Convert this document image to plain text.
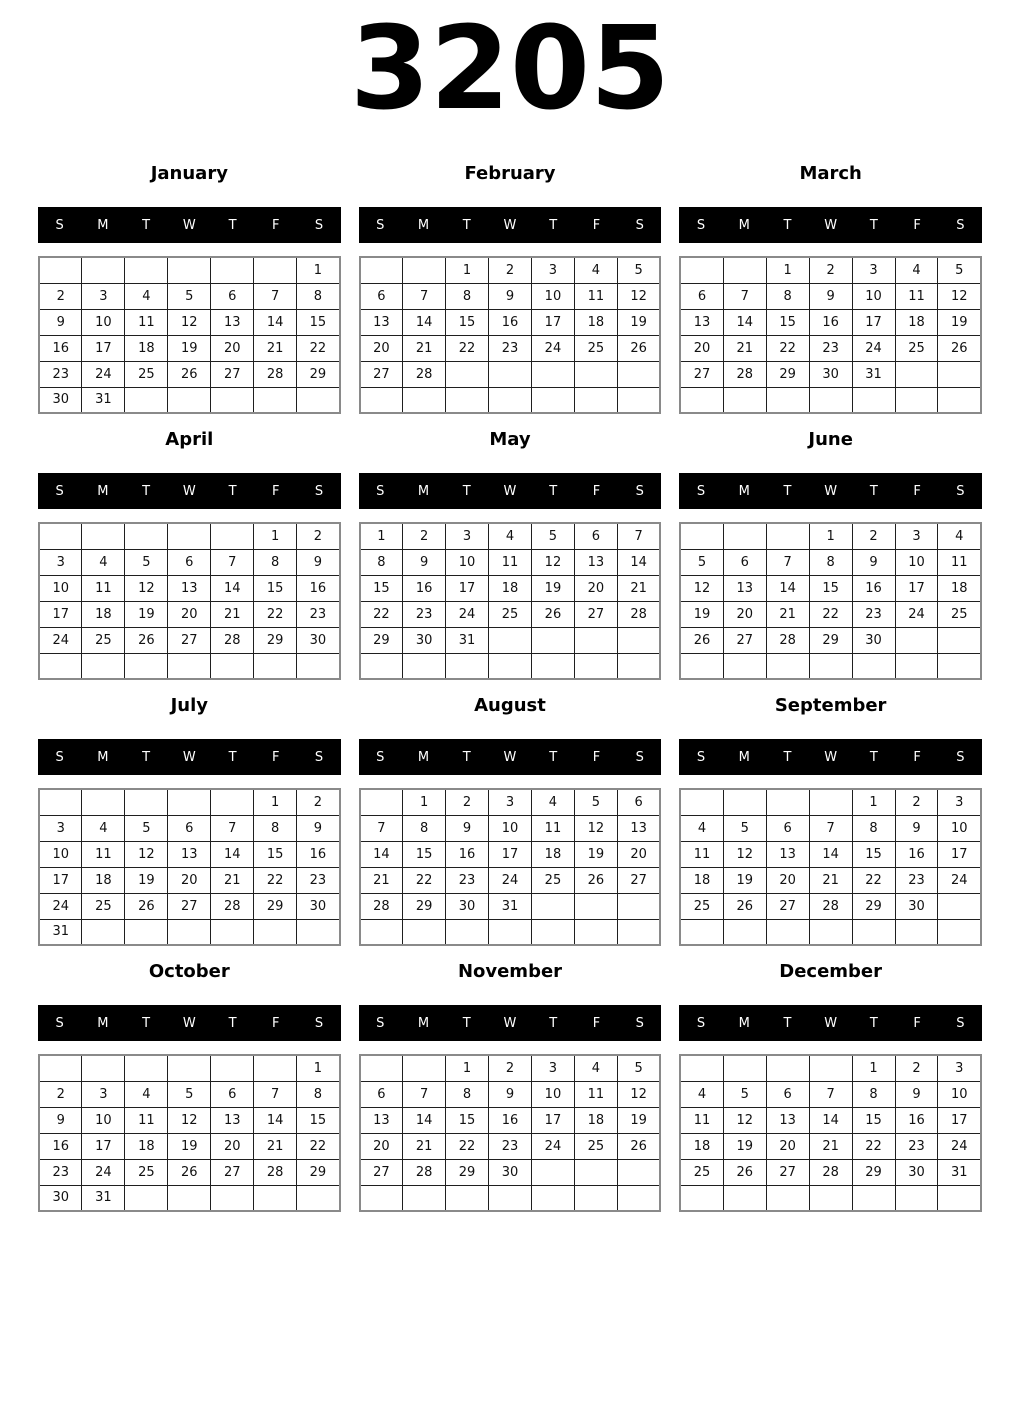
3205
January
S	M	T	W	T	F	S
						1
2	3	4	5	6	7	8
9	10	11	12	13	14	15
16	17	18	19	20	21	22
23	24	25	26	27	28	29
30	31					
February
S	M	T	W	T	F	S
		1	2	3	4	5
6	7	8	9	10	11	12
13	14	15	16	17	18	19
20	21	22	23	24	25	26
27	28					

March
S	M	T	W	T	F	S
		1	2	3	4	5
6	7	8	9	10	11	12
13	14	15	16	17	18	19
20	21	22	23	24	25	26
27	28	29	30	31		

April
S	M	T	W	T	F	S
					1	2
3	4	5	6	7	8	9
10	11	12	13	14	15	16
17	18	19	20	21	22	23
24	25	26	27	28	29	30

May
S	M	T	W	T	F	S
1	2	3	4	5	6	7
8	9	10	11	12	13	14
15	16	17	18	19	20	21
22	23	24	25	26	27	28
29	30	31				

June
S	M	T	W	T	F	S
			1	2	3	4
5	6	7	8	9	10	11
12	13	14	15	16	17	18
19	20	21	22	23	24	25
26	27	28	29	30		

July
S	M	T	W	T	F	S
					1	2
3	4	5	6	7	8	9
10	11	12	13	14	15	16
17	18	19	20	21	22	23
24	25	26	27	28	29	30
31						
August
S	M	T	W	T	F	S
	1	2	3	4	5	6
7	8	9	10	11	12	13
14	15	16	17	18	19	20
21	22	23	24	25	26	27
28	29	30	31			

September
S	M	T	W	T	F	S
				1	2	3
4	5	6	7	8	9	10
11	12	13	14	15	16	17
18	19	20	21	22	23	24
25	26	27	28	29	30	

October
S	M	T	W	T	F	S
						1
2	3	4	5	6	7	8
9	10	11	12	13	14	15
16	17	18	19	20	21	22
23	24	25	26	27	28	29
30	31					
November
S	M	T	W	T	F	S
		1	2	3	4	5
6	7	8	9	10	11	12
13	14	15	16	17	18	19
20	21	22	23	24	25	26
27	28	29	30			

December
S	M	T	W	T	F	S
				1	2	3
4	5	6	7	8	9	10
11	12	13	14	15	16	17
18	19	20	21	22	23	24
25	26	27	28	29	30	31
